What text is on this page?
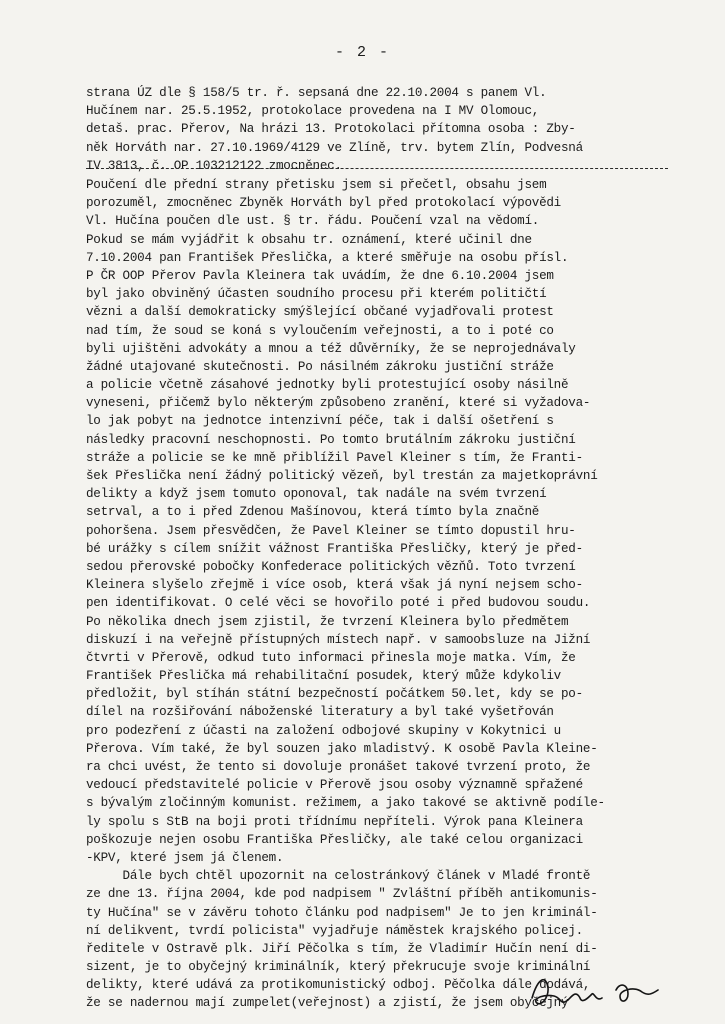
- 2 -
strana ÚZ dle § 158/5 tr. ř. sepsaná dne 22.10.2004 s panem Vl.
Hučínem nar. 25.5.1952, protokolace provedena na I MV Olomouc,
detaš. prac. Přerov, Na hrázi 13. Protokolaci přítomna osoba : Zby-
něk Horváth nar. 27.10.1969/4129 ve Zlíně, trv. bytem Zlín, Podvesná
IV 3813, č. OP 103212122 zmocněnec.
Poučení dle přední strany přetisku jsem si přečetl, obsahu jsem
porozuměl, zmocněnec Zbyněk Horváth byl před protokolací výpovědi
Vl. Hučína poučen dle ust. § tr. řádu. Poučení vzal na vědomí.
Pokud se mám vyjádřit k obsahu tr. oznámení, které učinil dne
7.10.2004 pan František Přeslička, a které směřuje na osobu přísl.
P ČR OOP Přerov Pavla Kleinera tak uvádím, že dne 6.10.2004 jsem
byl jako obviněný účasten soudního procesu při kterém političtí
vězni a další demokraticky smýšlející občané vyjadřovali protest
nad tím, že soud se koná s vyloučením veřejnosti, a to i poté co
byli ujištěni advokáty a mnou a též důvěrníky, že se neprojednávaly
žádné utajované skutečnosti. Po násilném zákroku justiční stráže
a policie včetně zásahové jednotky byli protestující osoby násilně
vyneseni, přičemž bylo některým způsobeno zranění, které si vyžadova-
lo jak pobyt na jednotce intenzivní péče, tak i další ošetření s
následky pracovní neschopnosti. Po tomto brutálním zákroku justiční
stráže a policie se ke mně přiblížil Pavel Kleiner s tím, že Franti-
šek Přeslička není žádný politický vězeň, byl trestán za majetkoprávní
delikty a když jsem tomuto oponoval, tak nadále na svém tvrzení
setrval, a to i před Zdenou Mašínovou, která tímto byla značně
pohoršena. Jsem přesvědčen, že Pavel Kleiner se tímto dopustil hru-
bé urážky s cílem snížit vážnost Františka Přesličky, který je před-
sedou přerovské pobočky Konfederace politických vězňů. Toto tvrzení
Kleinera slyšelo zřejmě i více osob, která však já nyní nejsem scho-
pen identifikovat. O celé věci se hovořilo poté i před budovou soudu.
Po několika dnech jsem zjistil, že tvrzení Kleinera bylo předmětem
diskuzí i na veřejně přístupných místech např. v samoobsluze na Jižní
čtvrti v Přerově, odkud tuto informaci přinesla moje matka. Vím, že
František Přeslička má rehabilitační posudek, který může kdykoliv
předložit, byl stíhán státní bezpečností počátkem 50.let, kdy se po-
dílel na rozšiřování náboženské literatury a byl také vyšetřován
pro podezření z účasti na založení odbojové skupiny v Kokytnici u
Přerova. Vím také, že byl souzen jako mladistvý. K osobě Pavla Kleine-
ra chci uvést, že tento si dovoluje pronášet takové tvrzení proto, že
vedoucí představitelé policie v Přerově jsou osoby významně spřažené
s bývalým zločinným komunist. režimem, a jako takové se aktivně podíle-
ly spolu s StB na boji proti třídnímu nepříteli. Výrok pana Kleinera
poškozuje nejen osobu Františka Přesličky, ale také celou organizaci
-KPV, které jsem já členem.
Dále bych chtěl upozornit na celostránkový článek v Mladé frontě
ze dne 13. října 2004, kde pod nadpisem " Zvláštní příběh antikomunis-
ty Hučína" se v závěru tohoto článku pod nadpisem" Je to jen kriminál-
ní delikvent, tvrdí policista" vyjadřuje náměstek krajského policej.
ředitele v Ostravě plk. Jiří Pěčolka s tím, že Vladimír Hučín není di-
sizent, je to obyčejný kriminálník, který překrucuje svoje kriminální
delikty, které udává za protikomunistický odboj. Pěčolka dále dodává,
že se nadernou mají zumpelet(veřejnost) a zjistí, že jsem obyčejný
